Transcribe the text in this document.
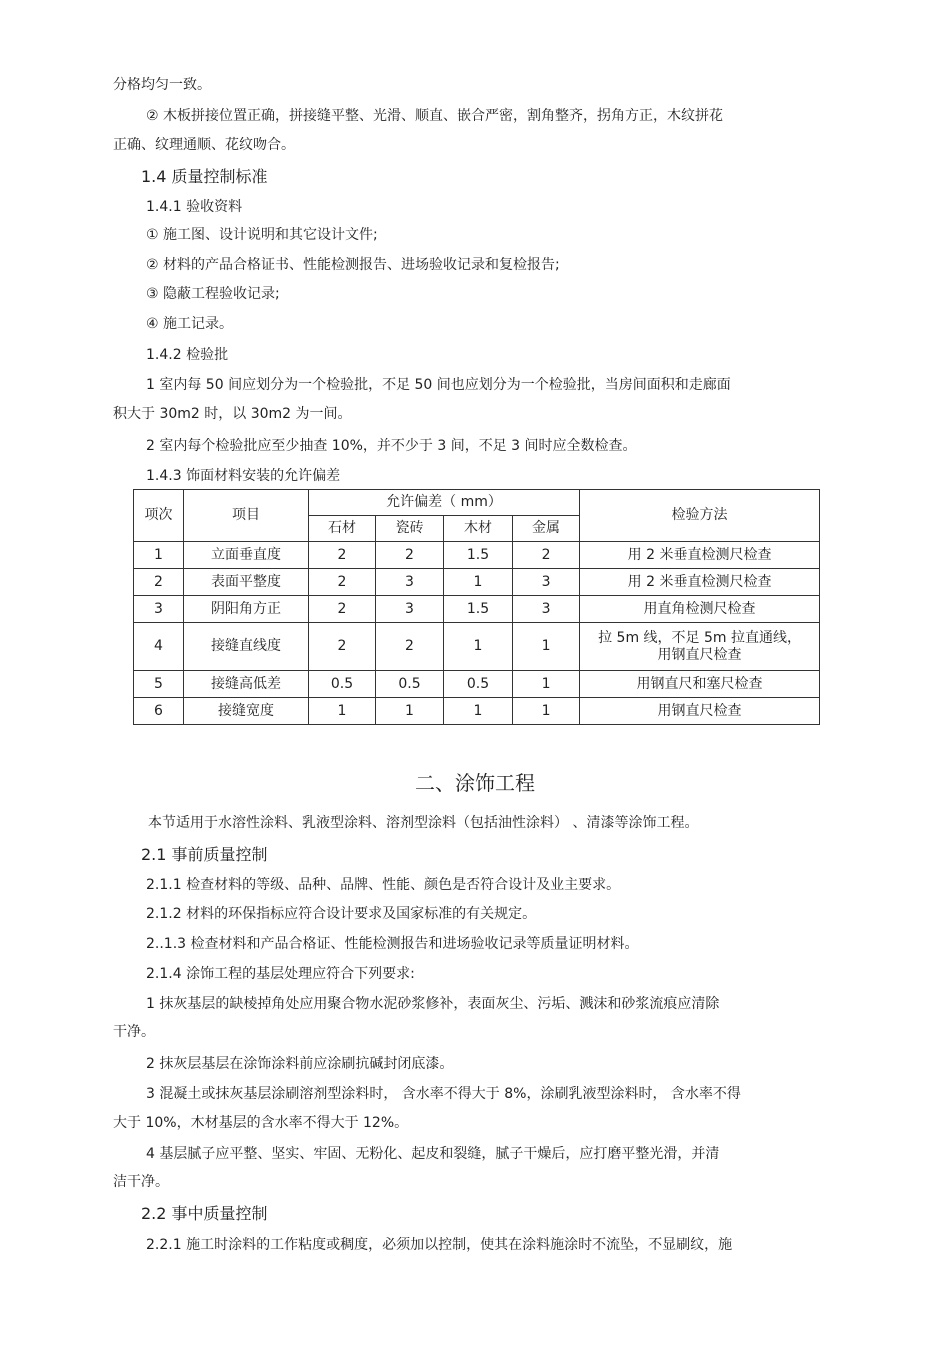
分格均匀一致。
② 木板拼接位置正确，拼接缝平整、光滑、顺直、嵌合严密，割角整齐，拐角方正，木纹拼花
正确、纹理通顺、花纹吻合。
1.4 质量控制标准
1.4.1 验收资料
① 施工图、设计说明和其它设计文件;
② 材料的产品合格证书、性能检测报告、进场验收记录和复检报告;
③ 隐蔽工程验收记录;
④ 施工记录。
1.4.2 检验批
1 室内每 50 间应划分为一个检验批，不足 50 间也应划分为一个检验批，当房间面积和走廊面
积大于 30m2 时，以 30m2 为一间。
2 室内每个检验批应至少抽查 10%，并不少于 3 间，不足 3 间时应全数检查。
1.4.3 饰面材料安装的允许偏差
本节适用于水溶性涂料、乳液型涂料、溶剂型涂料（包括油性涂料） 、清漆等涂饰工程。
2.1 事前质量控制
2.1.1 检查材料的等级、品种、品牌、性能、颜色是否符合设计及业主要求。
2.1.2 材料的环保指标应符合设计要求及国家标准的有关规定。
2..1.3 检查材料和产品合格证、性能检测报告和进场验收记录等质量证明材料。
2.1.4 涂饰工程的基层处理应符合下列要求:
1 抹灰基层的缺棱掉角处应用聚合物水泥砂浆修补，表面灰尘、污垢、溅沫和砂浆流痕应清除
干净。
2 抹灰层基层在涂饰涂料前应涂刷抗碱封闭底漆。
3 混凝土或抹灰基层涂刷溶剂型涂料时， 含水率不得大于 8%，涂刷乳液型涂料时， 含水率不得
大于 10%，木材基层的含水率不得大于 12%。
4 基层腻子应平整、坚实、牢固、无粉化、起皮和裂缝，腻子干燥后，应打磨平整光滑，并清
洁干净。
2.2 事中质量控制
2.2.1 施工时涂料的工作粘度或稠度，必须加以控制，使其在涂料施涂时不流坠，不显刷纹，施
二、涂饰工程
项次	项目	允许偏差（ mm）				检验方法
		石材	瓷砖	木材	金属	
1	立面垂直度	2	2	1.5	2	用 2 米垂直检测尺检查

2	表面平整度	2	3	1	3	用 2 米垂直检测尺检查

3	阴阳角方正	2	3	1.5	3	用直角检测尺检查

4	接缝直线度	2	2	1	1	拉 5m 线，不足 5m 拉直通线，
用钢直尺检查

5	接缝高低差	0.5	0.5	0.5	1	用钢直尺和塞尺检查

6	接缝宽度	1	1	1	1	用钢直尺检查
